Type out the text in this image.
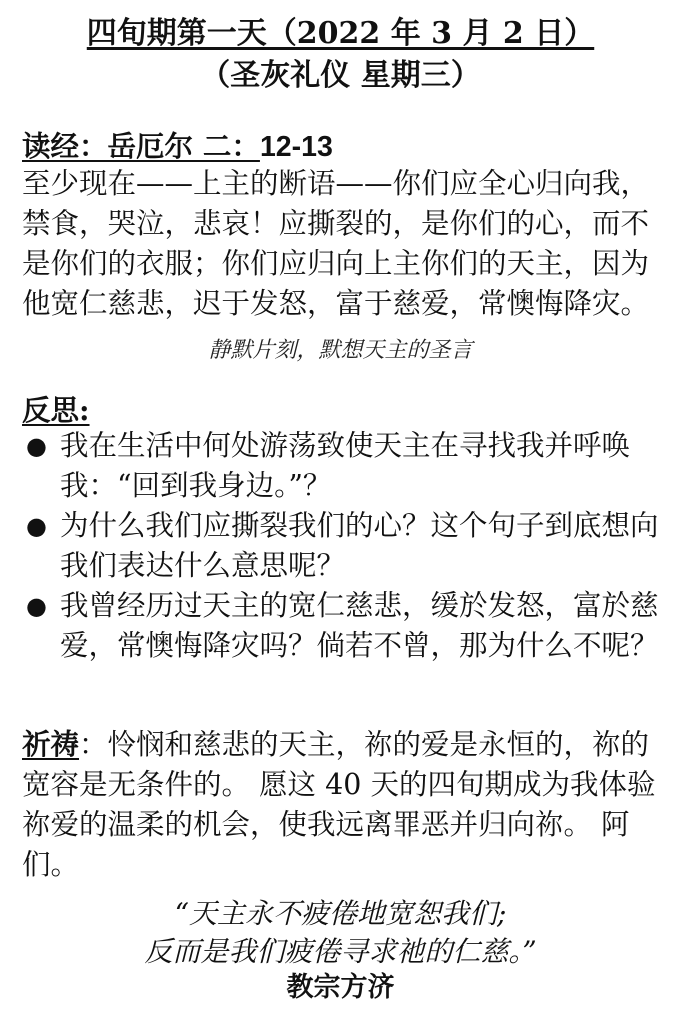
四旬期第一天（2022 年 3 月 2 日）
（圣灰礼仪 星期三）
读经：岳厄尔 二：12-13
至少现在——上主的断语——你们应全心归向我，禁食，哭泣，悲哀！应撕裂的，是你们的心，而不是你们的衣服；你们应归向上主你们的天主，因为他宽仁慈悲，迟于发怒，富于慈爱，常懊悔降灾。
静默片刻，默想天主的圣言
反思:
● 我在生活中何处游荡致使天主在寻找我并呼唤我：“回到我身边。”？
● 为什么我们应撕裂我们的心？这个句子到底想向我们表达什么意思呢？
● 我曾经历过天主的宽仁慈悲，缓於发怒，富於慈爱，常懊悔降灾吗？倘若不曾，那为什么不呢？
祈祷：怜悯和慈悲的天主，祢的爱是永恒的，祢的宽容是无条件的。 愿这 40 天的四旬期成为我体验祢爱的温柔的机会，使我远离罪恶并归向祢。 阿们。
“天主永不疲倦地宽恕我们;
反而是我们疲倦寻求祂的仁慈。”
教宗方济
